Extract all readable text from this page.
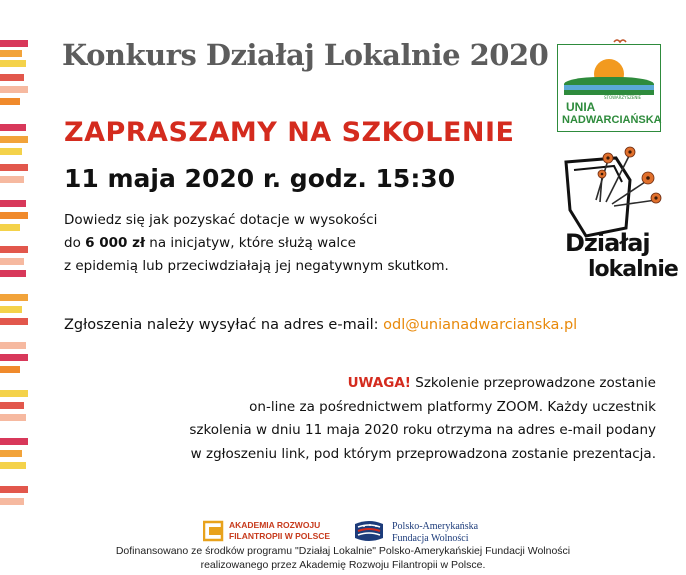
Konkurs Działaj Lokalnie 2020
ZAPRASZAMY NA SZKOLENIE
11 maja 2020 r. godz. 15:30
Dowiedz się jak pozyskać dotacje w wysokości
do 6 000 zł na inicjatyw, które służą walce
z epidemią lub przeciwdziałają jej negatywnym skutkom.
Zgłoszenia należy wysyłać na adres e-mail: odl@unianadwarcianska.pl
UWAGA! Szkolenie przeprowadzone zostanie
on-line za pośrednictwem platformy ZOOM. Każdy uczestnik
szkolenia w dniu 11 maja 2020 roku otrzyma na adres e-mail podany
w zgłoszeniu link, pod którym przeprowadzona zostanie prezentacja.
STOWARZYSZENIE
UNIA
NADWARCIAŃSKA
Działaj
lokalnie
AKADEMIA ROZWOJU
FILANTROPII W POLSCE
Polsko-Amerykańska
Fundacja Wolności
Dofinansowano ze środków programu "Działaj Lokalnie" Polsko-Amerykańskiej Fundacji Wolności
realizowanego przez Akademię Rozwoju Filantropii w Polsce.
